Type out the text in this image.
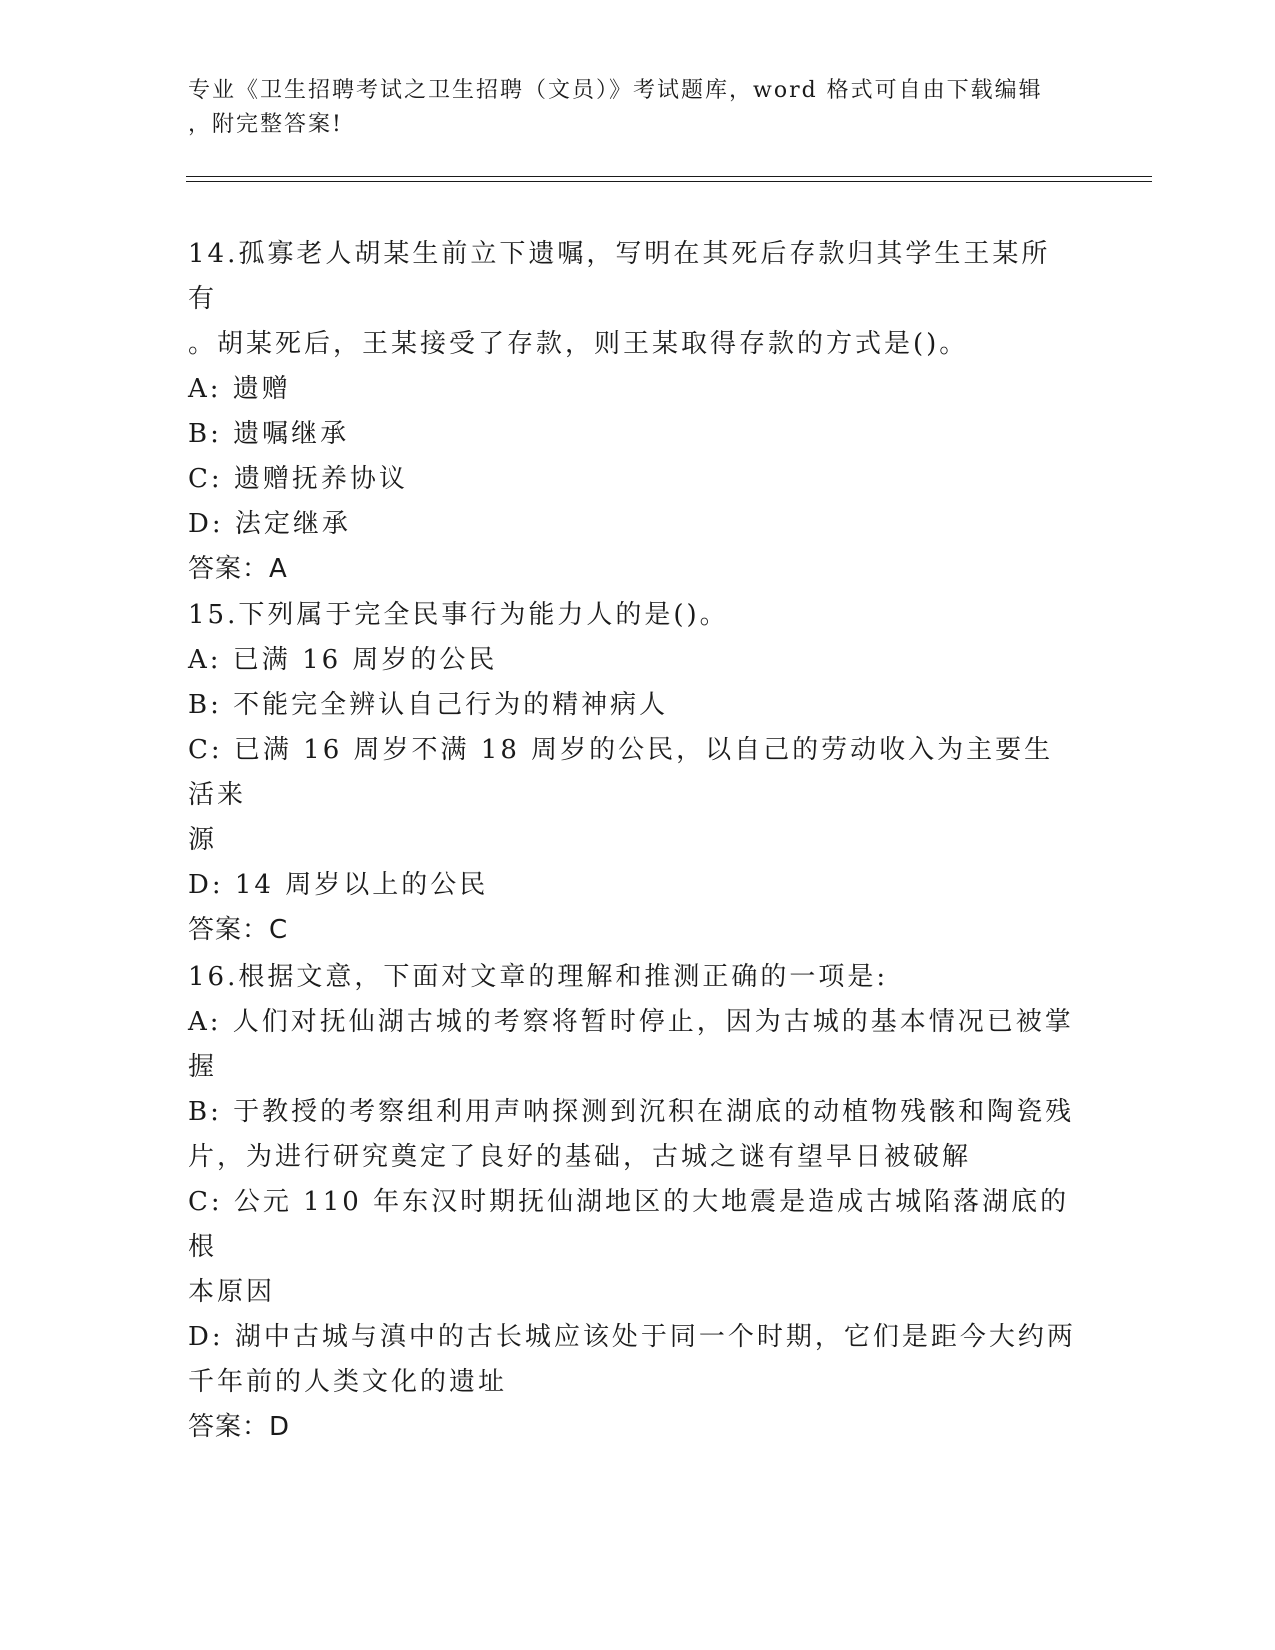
专业《卫生招聘考试之卫生招聘（文员）》考试题库，word 格式可自由下载编辑
，附完整答案!
14.孤寡老人胡某生前立下遗嘱，写明在其死后存款归其学生王某所有
。胡某死后，王某接受了存款，则王某取得存款的方式是()。
A: 遗赠
B: 遗嘱继承
C: 遗赠抚养协议
D: 法定继承
答案：A
15.下列属于完全民事行为能力人的是()。
A: 已满 16 周岁的公民
B: 不能完全辨认自己行为的精神病人
C: 已满 16 周岁不满 18 周岁的公民，以自己的劳动收入为主要生活来
源
D: 14 周岁以上的公民
答案：C
16.根据文意，下面对文章的理解和推测正确的一项是:
A: 人们对抚仙湖古城的考察将暂时停止，因为古城的基本情况已被掌
握
B: 于教授的考察组利用声呐探测到沉积在湖底的动植物残骸和陶瓷残
片，为进行研究奠定了良好的基础，古城之谜有望早日被破解
C: 公元 110 年东汉时期抚仙湖地区的大地震是造成古城陷落湖底的根
本原因
D: 湖中古城与滇中的古长城应该处于同一个时期，它们是距今大约两
千年前的人类文化的遗址
答案：D
